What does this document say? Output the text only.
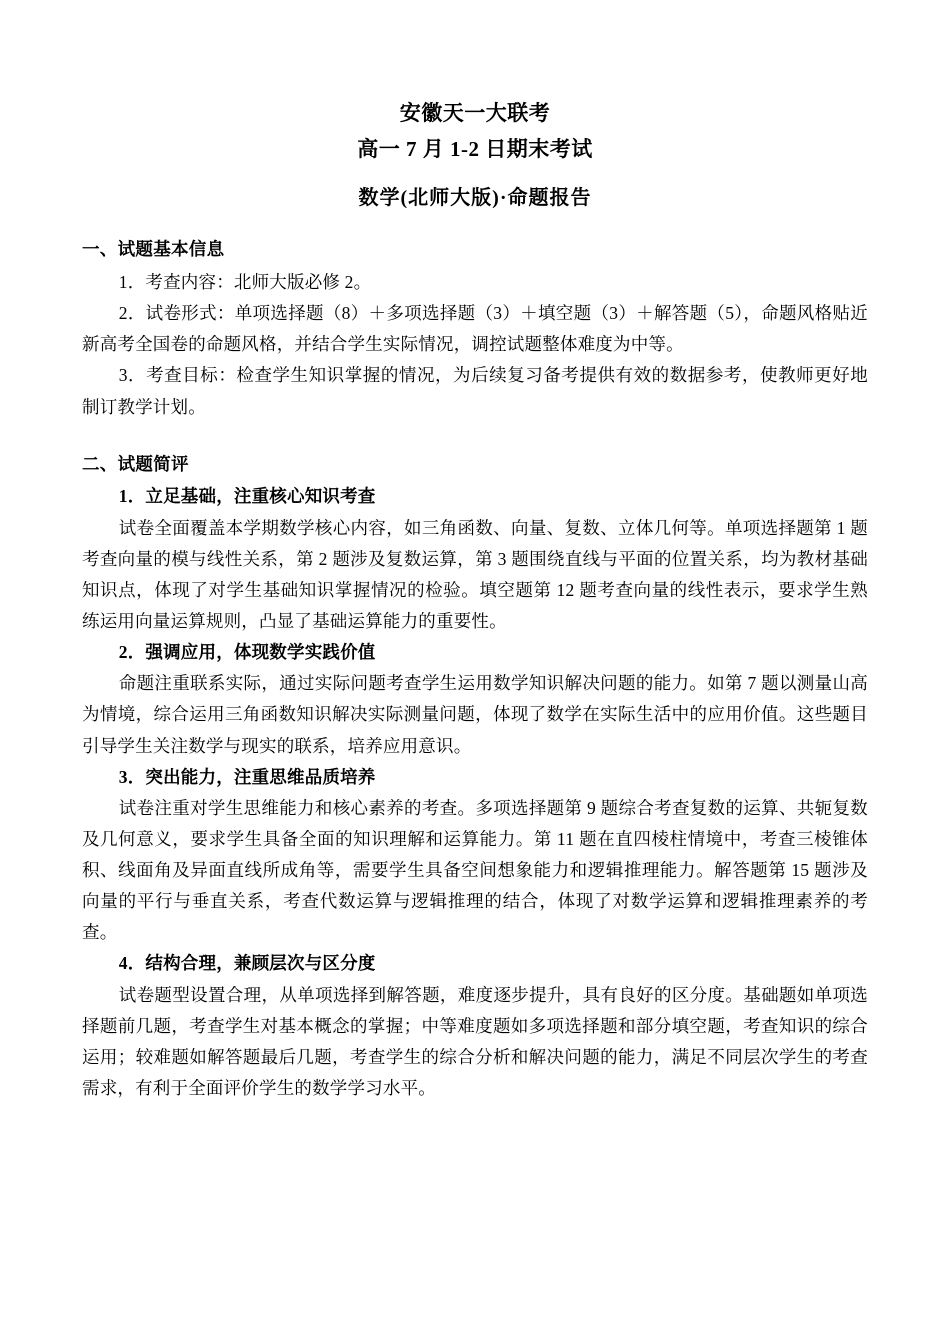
安徽天一大联考
高一 7 月 1-2 日期末考试
数学(北师大版)·命题报告
一、试题基本信息

1．考查内容：北师大版必修 2。

2．试卷形式：单项选择题（8）＋多项选择题（3）＋填空题（3）＋解答题（5），命题风格贴近新高考全国卷的命题风格，并结合学生实际情况，调控试题整体难度为中等。

3．考查目标：检查学生知识掌握的情况，为后续复习备考提供有效的数据参考，使教师更好地制订教学计划。

二、试题简评

1．立足基础，注重核心知识考查

试卷全面覆盖本学期数学核心内容，如三角函数、向量、复数、立体几何等。单项选择题第 1 题考查向量的模与线性关系，第 2 题涉及复数运算，第 3 题围绕直线与平面的位置关系，均为教材基础知识点，体现了对学生基础知识掌握情况的检验。填空题第 12 题考查向量的线性表示，要求学生熟练运用向量运算规则，凸显了基础运算能力的重要性。

2．强调应用，体现数学实践价值

命题注重联系实际，通过实际问题考查学生运用数学知识解决问题的能力。如第 7 题以测量山高为情境，综合运用三角函数知识解决实际测量问题，体现了数学在实际生活中的应用价值。这些题目引导学生关注数学与现实的联系，培养应用意识。

3．突出能力，注重思维品质培养

试卷注重对学生思维能力和核心素养的考查。多项选择题第 9 题综合考查复数的运算、共轭复数及几何意义，要求学生具备全面的知识理解和运算能力。第 11 题在直四棱柱情境中，考查三棱锥体积、线面角及异面直线所成角等，需要学生具备空间想象能力和逻辑推理能力。解答题第 15 题涉及向量的平行与垂直关系，考查代数运算与逻辑推理的结合，体现了对数学运算和逻辑推理素养的考查。

4．结构合理，兼顾层次与区分度

试卷题型设置合理，从单项选择到解答题，难度逐步提升，具有良好的区分度。基础题如单项选择题前几题，考查学生对基本概念的掌握；中等难度题如多项选择题和部分填空题，考查知识的综合运用；较难题如解答题最后几题，考查学生的综合分析和解决问题的能力，满足不同层次学生的考查需求，有利于全面评价学生的数学学习水平。
